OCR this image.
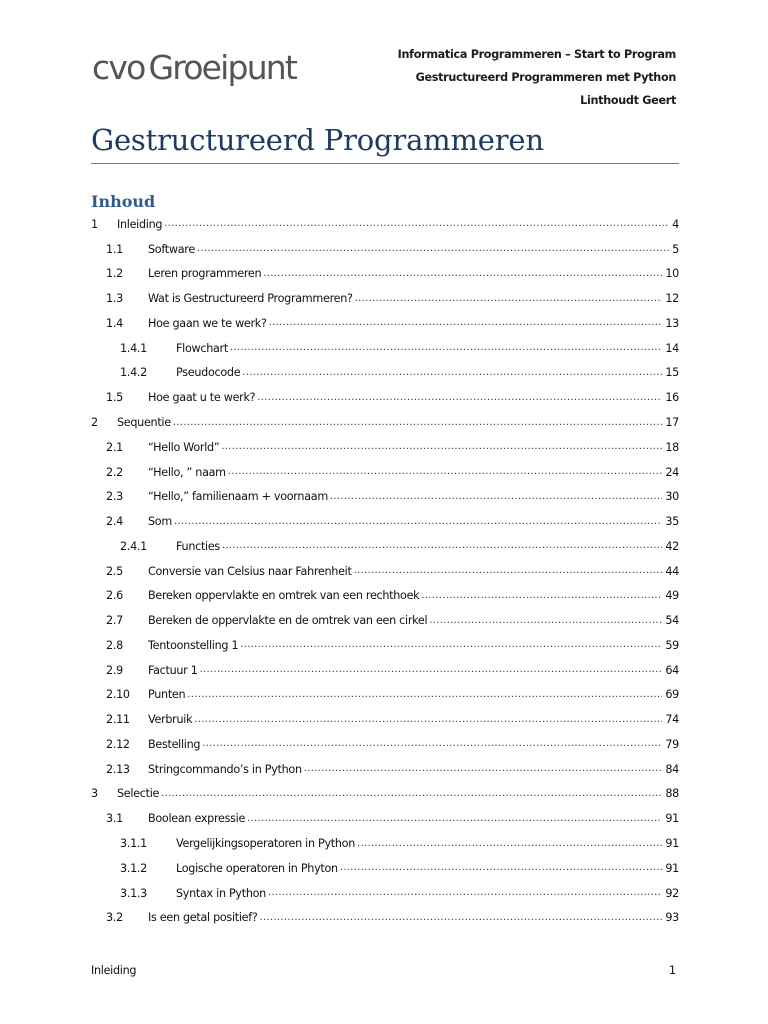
cvo Groeipunt	Informatica Programmeren – Start to Program
Gestructureerd Programmeren met Python
Linthoudt Geert
Gestructureerd Programmeren
Inhoud
1	Inleiding .....	4
1.1	Software .....	5
1.2	Leren programmeren .....	10
1.3	Wat is Gestructureerd Programmeren? .....	12
1.4	Hoe gaan we te werk? .....	13
1.4.1	Flowchart .....	14
1.4.2	Pseudocode .....	15
1.5	Hoe gaat u te werk? .....	16
2	Sequentie .....	17
2.1	“Hello World” .....	18
2.2	“Hello, ” naam .....	24
2.3	“Hello,” familienaam + voornaam .....	30
2.4	Som .....	35
2.4.1	Functies .....	42
2.5	Conversie van Celsius naar Fahrenheit .....	44
2.6	Bereken oppervlakte en omtrek van een rechthoek .....	49
2.7	Bereken de oppervlakte en de omtrek van een cirkel .....	54
2.8	Tentoonstelling 1 .....	59
2.9	Factuur 1 .....	64
2.10	Punten .....	69
2.11	Verbruik .....	74
2.12	Bestelling .....	79
2.13	Stringcommando’s in Python .....	84
3	Selectie .....	88
3.1	Boolean expressie .....	91
3.1.1	Vergelijkingsoperatoren in Python .....	91
3.1.2	Logische operatoren in Phyton .....	91
3.1.3	Syntax in Python .....	92
3.2	Is een getal positief? .....	93
Inleiding	1
